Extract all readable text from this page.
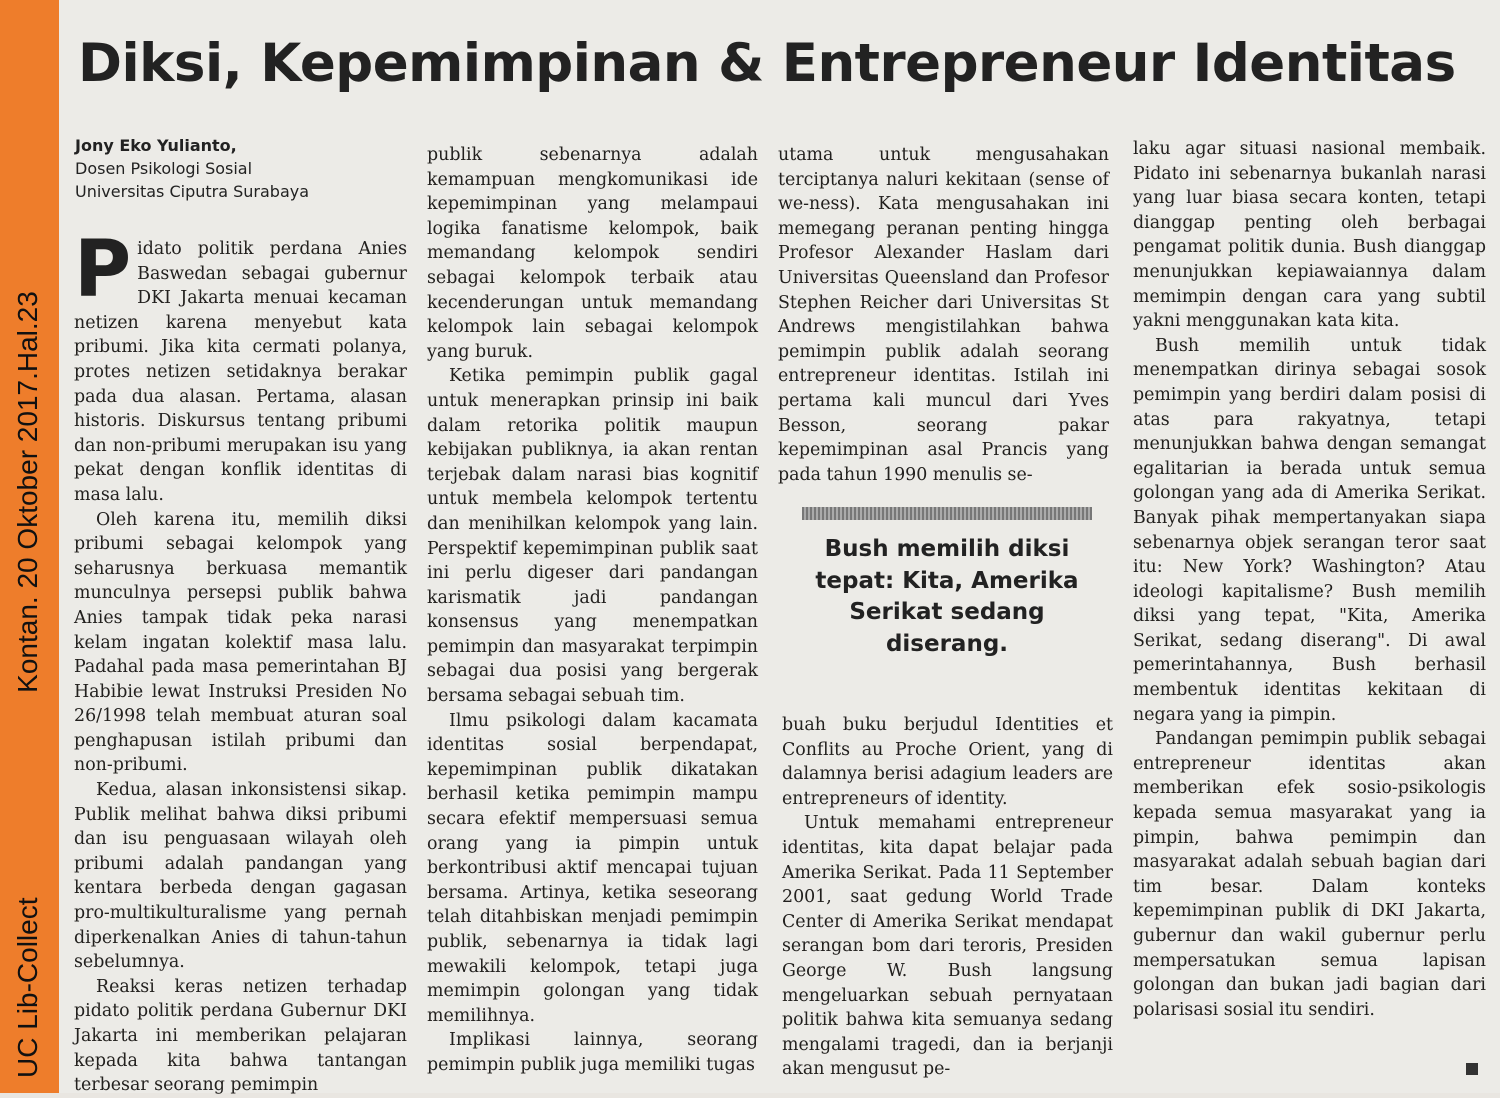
Kontan. 20 Oktober 2017.Hal.23
UC Lib-Collect
Diksi, Kepemimpinan & Entrepreneur Identitas
Jony Eko Yulianto,
Dosen Psikologi Sosial
Universitas Ciputra Surabaya

Pidato politik perdana Anies Baswedan sebagai gubernur DKI Jakarta menuai kecaman netizen karena menyebut kata pribumi. Jika kita cermati polanya, protes netizen setidaknya berakar pada dua alasan. Pertama, alasan historis. Diskursus tentang pribumi dan non-pribumi merupakan isu yang pekat dengan konflik identitas di masa lalu.

Oleh karena itu, memilih diksi pribumi sebagai kelompok yang seharusnya berkuasa memantik munculnya persepsi publik bahwa Anies tampak tidak peka narasi kelam ingatan kolektif masa lalu. Padahal pada masa pemerintahan BJ Habibie lewat Instruksi Presiden No 26/1998 telah membuat aturan soal penghapusan istilah pribumi dan non-pribumi.

Kedua, alasan inkonsistensi sikap. Publik melihat bahwa diksi pribumi dan isu penguasaan wilayah oleh pribumi adalah pandangan yang kentara berbeda dengan gagasan pro-multikulturalisme yang pernah diperkenalkan Anies di tahun-tahun sebelumnya.

Reaksi keras netizen terhadap pidato politik perdana Gubernur DKI Jakarta ini memberikan pelajaran kepada kita bahwa tantangan terbesar seorang pemimpin

publik sebenarnya adalah kemampuan mengkomunikasi ide kepemimpinan yang melampaui logika fanatisme kelompok, baik memandang kelompok sendiri sebagai kelompok terbaik atau kecenderungan untuk memandang kelompok lain sebagai kelompok yang buruk.

Ketika pemimpin publik gagal untuk menerapkan prinsip ini baik dalam retorika politik maupun kebijakan publiknya, ia akan rentan terjebak dalam narasi bias kognitif untuk membela kelompok tertentu dan menihilkan kelompok yang lain. Perspektif kepemimpinan publik saat ini perlu digeser dari pandangan karismatik jadi pandangan konsensus yang menempatkan pemimpin dan masyarakat terpimpin sebagai dua posisi yang bergerak bersama sebagai sebuah tim.

Ilmu psikologi dalam kacamata identitas sosial berpendapat, kepemimpinan publik dikatakan berhasil ketika pemimpin mampu secara efektif mempersuasi semua orang yang ia pimpin untuk berkontribusi aktif mencapai tujuan bersama. Artinya, ketika seseorang telah ditahbiskan menjadi pemimpin publik, sebenarnya ia tidak lagi mewakili kelompok, tetapi juga memimpin golongan yang tidak memilihnya.

Implikasi lainnya, seorang pemimpin publik juga memiliki tugas

utama untuk mengusahakan terciptanya naluri kekitaan (sense of we-ness). Kata mengusahakan ini memegang peranan penting hingga Profesor Alexander Haslam dari Universitas Queensland dan Profesor Stephen Reicher dari Universitas St Andrews mengistilahkan bahwa pemimpin publik adalah seorang entrepreneur identitas. Istilah ini pertama kali muncul dari Yves Besson, seorang pakar kepemimpinan asal Prancis yang pada tahun 1990 menulis se-

Bush memilih diksi tepat: Kita, Amerika Serikat sedang diserang.

buah buku berjudul Identities et Conflits au Proche Orient, yang di dalamnya berisi adagium leaders are entrepreneurs of identity.

Untuk memahami entrepreneur identitas, kita dapat belajar pada Amerika Serikat. Pada 11 September 2001, saat gedung World Trade Center di Amerika Serikat mendapat serangan bom dari teroris, Presiden George W. Bush langsung mengeluarkan sebuah pernyataan politik bahwa kita semuanya sedang mengalami tragedi, dan ia berjanji akan mengusut pe-

laku agar situasi nasional membaik. Pidato ini sebenarnya bukanlah narasi yang luar biasa secara konten, tetapi dianggap penting oleh berbagai pengamat politik dunia. Bush dianggap menunjukkan kepiawaiannya dalam memimpin dengan cara yang subtil yakni menggunakan kata kita.

Bush memilih untuk tidak menempatkan dirinya sebagai sosok pemimpin yang berdiri dalam posisi di atas para rakyatnya, tetapi menunjukkan bahwa dengan semangat egalitarian ia berada untuk semua golongan yang ada di Amerika Serikat. Banyak pihak mempertanyakan siapa sebenarnya objek serangan teror saat itu: New York? Washington? Atau ideologi kapitalisme? Bush memilih diksi yang tepat, "Kita, Amerika Serikat, sedang diserang". Di awal pemerintahannya, Bush berhasil membentuk identitas kekitaan di negara yang ia pimpin.

Pandangan pemimpin publik sebagai entrepreneur identitas akan memberikan efek sosio-psikologis kepada semua masyarakat yang ia pimpin, bahwa pemimpin dan masyarakat adalah sebuah bagian dari tim besar. Dalam konteks kepemimpinan publik di DKI Jakarta, gubernur dan wakil gubernur perlu mempersatukan semua lapisan golongan dan bukan jadi bagian dari polarisasi sosial itu sendiri.
